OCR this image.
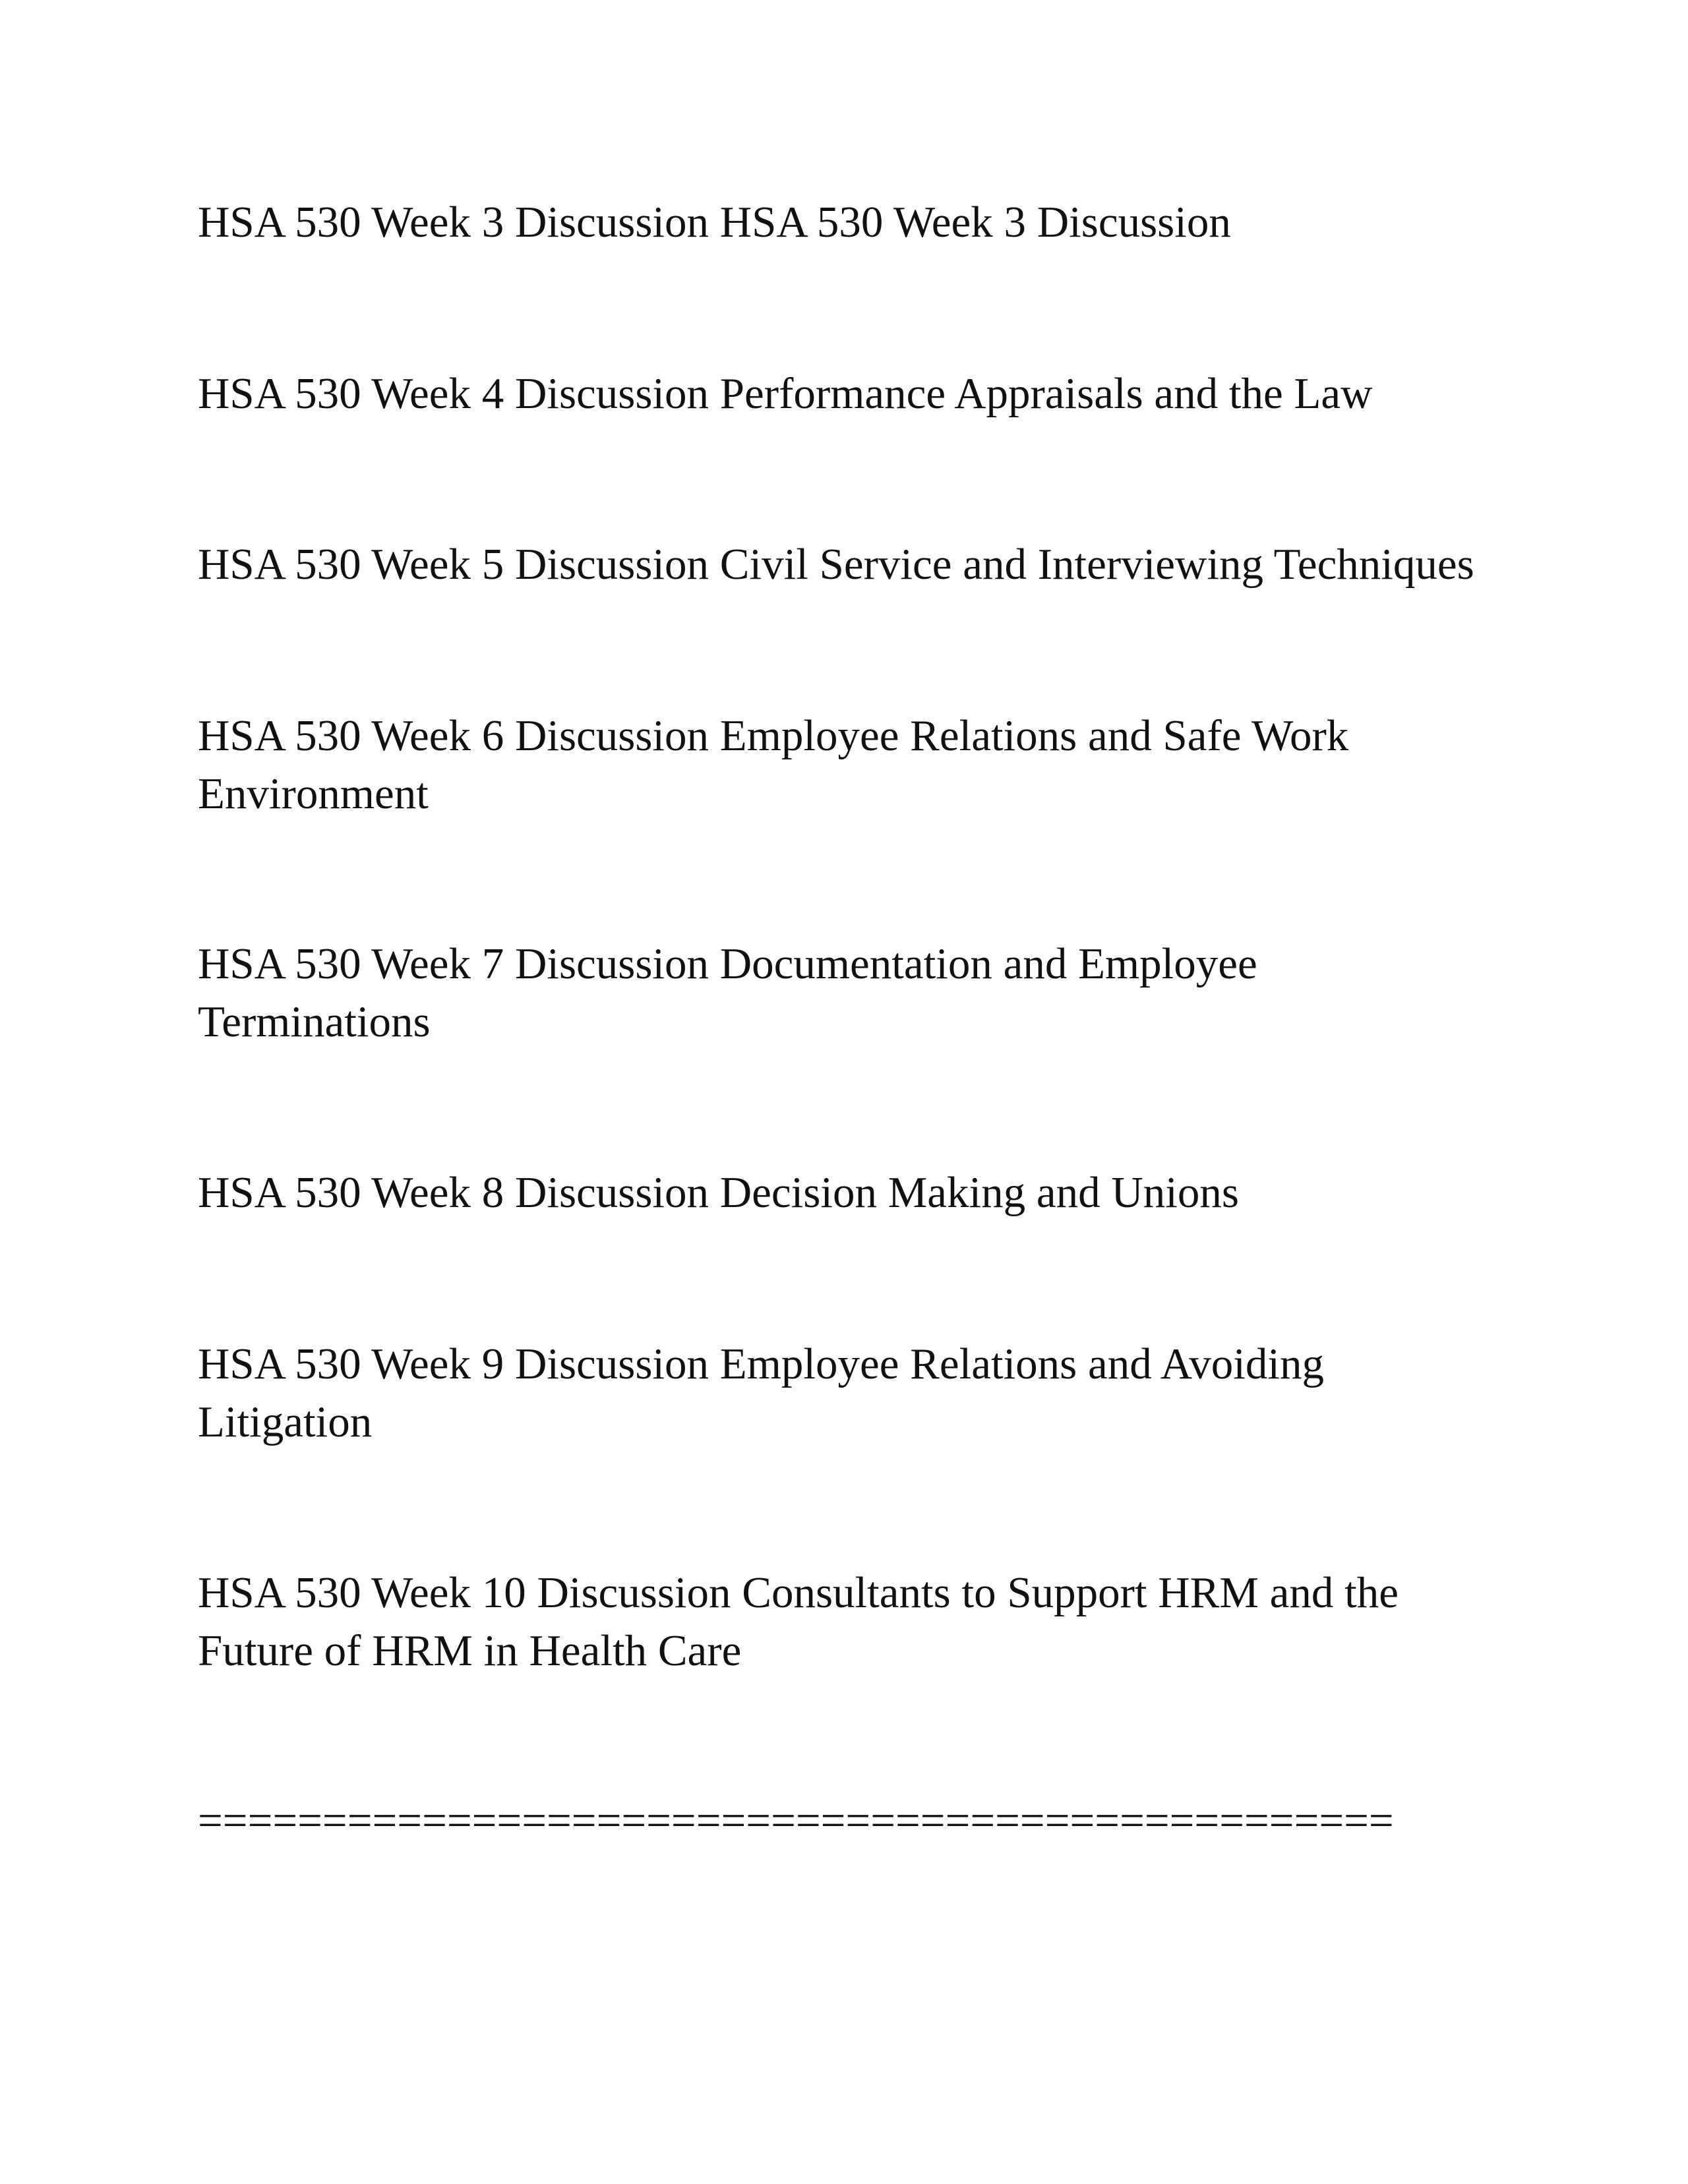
HSA 530 Week 3 Discussion HSA 530 Week 3 Discussion

HSA 530 Week 4 Discussion Performance Appraisals and the Law

HSA 530 Week 5 Discussion Civil Service and Interviewing Techniques

HSA 530 Week 6 Discussion Employee Relations and Safe Work
Environment

HSA 530 Week 7 Discussion Documentation and Employee
Terminations

HSA 530 Week 8 Discussion Decision Making and Unions

HSA 530 Week 9 Discussion Employee Relations and Avoiding
Litigation

HSA 530 Week 10 Discussion Consultants to Support HRM and the
Future of HRM in Health Care

================================================
